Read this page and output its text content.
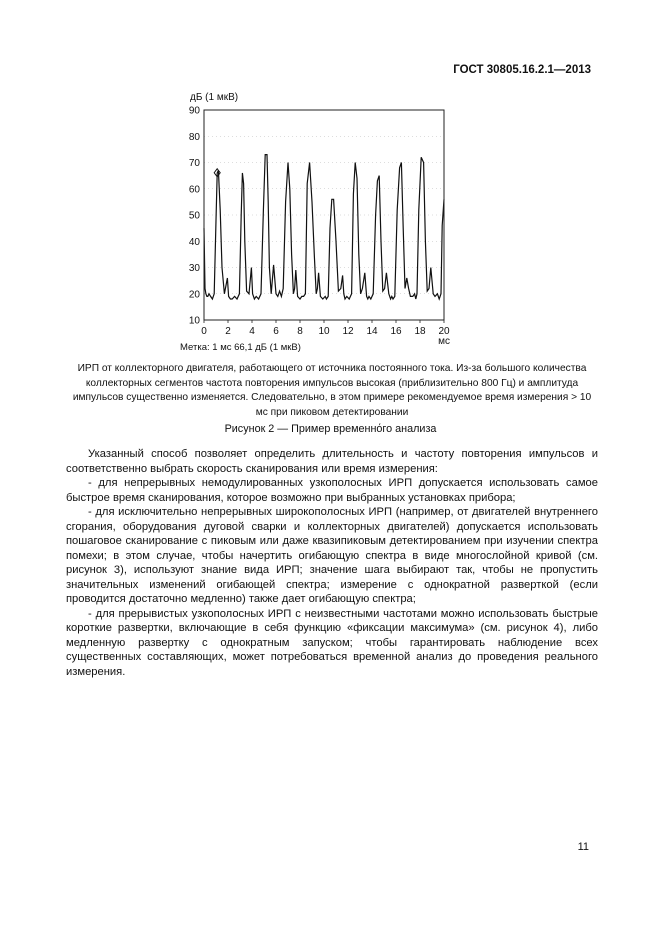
ГОСТ 30805.16.2.1—2013
дБ (1 мкВ)
90
80
70
60
50
40
30
20
10
0 2 4 6 8 10 12 14 16 18 20
мс
Метка: 1 мс 66,1 дБ (1 мкВ)
ИРП от коллекторного двигателя, работающего от источника постоянного тока. Из-за большого количества коллекторных сегментов частота повторения импульсов высокая (приблизительно 800 Гц) и амплитуда импульсов существенно изменяется. Следовательно, в этом примере рекомендуемое время измерения > 10 мс при пиковом детектировании
Рисунок 2 — Пример временнόго анализа

Указанный способ позволяет определить длительность и частоту повторения импульсов и соответственно выбрать скорость сканирования или время измерения:

- для непрерывных немодулированных узкополосных ИРП допускается использовать самое быстрое время сканирования, которое возможно при выбранных установках прибора;

- для исключительно непрерывных широкополосных ИРП (например, от двигателей внутреннего сгорания, оборудования дуговой сварки и коллекторных двигателей) допускается использовать пошаговое сканирование с пиковым или даже квазипиковым детектированием при изучении спектра помехи; в этом случае, чтобы начертить огибающую спектра в виде многослойной кривой (см. рисунок 3), используют знание вида ИРП; значение шага выбирают так, чтобы не пропустить значительных изменений огибающей спектра; измерение с однократной разверткой (если проводится достаточно медленно) также дает огибающую спектра;

- для прерывистых узкополосных ИРП с неизвестными частотами можно использовать быстрые короткие развертки, включающие в себя функцию «фиксации максимума» (см. рисунок 4), либо медленную развертку с однократным запуском; чтобы гарантировать наблюдение всех существенных составляющих, может потребоваться временной анализ до проведения реального измерения.

11
